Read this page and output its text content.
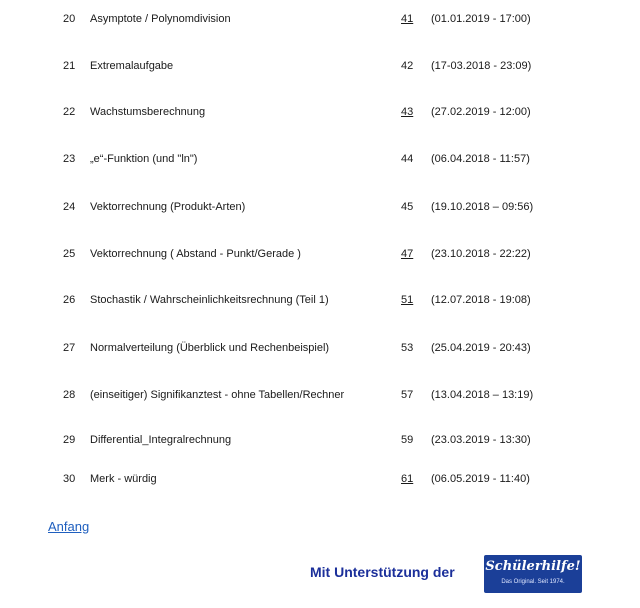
20 Asymptote / Polynomdivision	41 (01.01.2019 - 17:00)
21 Extremalaufgabe	42 (17-03.2018 - 23:09)
22 Wachstumsberechnung	43 (27.02.2019 - 12:00)
23 „e“-Funktion (und "ln")	44 (06.04.2018 - 11:57)
24 Vektorrechnung (Produkt-Arten)	45 (19.10.2018 – 09:56)
25 Vektorrechnung ( Abstand - Punkt/Gerade )	47 (23.10.2018 - 22:22)
26 Stochastik / Wahrscheinlichkeitsrechnung (Teil 1)	51 (12.07.2018 - 19:08)
27 Normalverteilung (Überblick und Rechenbeispiel)	53 (25.04.2019 - 20:43)
28 (einseitiger) Signifikanztest - ohne Tabellen/Rechner	57 (13.04.2018 – 13:19)
29 Differential_Integralrechnung	59 (23.03.2019 - 13:30)
30 Merk - würdig	61 (06.05.2019 - 11:40)
Anfang
Mit Unterstützung der Schülerhilfe!
Das Original. Seit 1974.
